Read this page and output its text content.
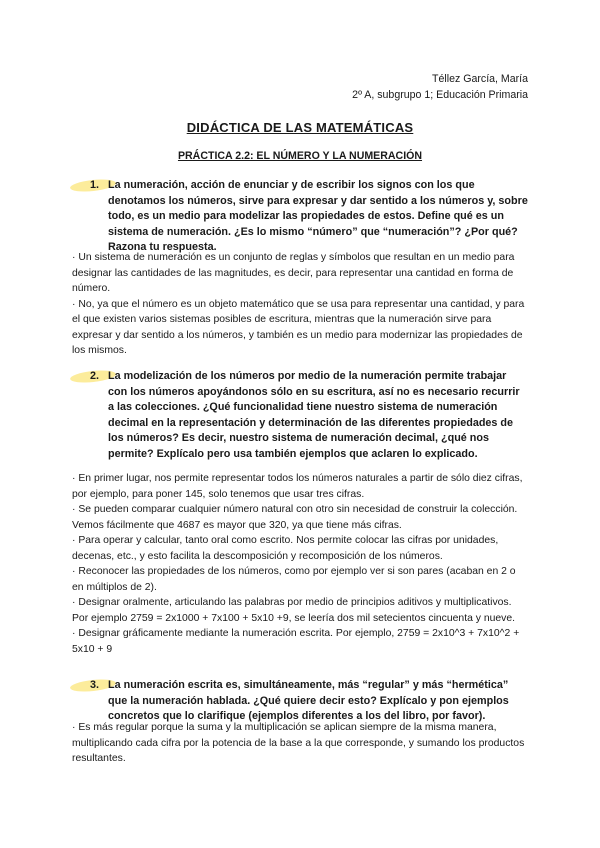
Téllez García, María
2º A, subgrupo 1; Educación Primaria
DIDÁCTICA DE LAS MATEMÁTICAS
PRÁCTICA 2.2: EL NÚMERO Y LA NUMERACIÓN
1. La numeración, acción de enunciar y de escribir los signos con los que denotamos los números, sirve para expresar y dar sentido a los números y, sobre todo, es un medio para modelizar las propiedades de estos. Define qué es un sistema de numeración. ¿Es lo mismo “número” que “numeración”? ¿Por qué? Razona tu respuesta.

· Un sistema de numeración es un conjunto de reglas y símbolos que resultan en un medio para designar las cantidades de las magnitudes, es decir, para representar una cantidad en forma de número.

· No, ya que el número es un objeto matemático que se usa para representar una cantidad, y para el que existen varios sistemas posibles de escritura, mientras que la numeración sirve para expresar y dar sentido a los números, y también es un medio para modernizar las propiedades de los mismos.

2. La modelización de los números por medio de la numeración permite trabajar con los números apoyándonos sólo en su escritura, así no es necesario recurrir a las colecciones. ¿Qué funcionalidad tiene nuestro sistema de numeración decimal en la representación y determinación de las diferentes propiedades de los números? Es decir, nuestro sistema de numeración decimal, ¿qué nos permite? Explícalo pero usa también ejemplos que aclaren lo explicado.

· En primer lugar, nos permite representar todos los números naturales a partir de sólo diez cifras, por ejemplo, para poner 145, solo tenemos que usar tres cifras.

· Se pueden comparar cualquier número natural con otro sin necesidad de construir la colección. Vemos fácilmente que 4687 es mayor que 320, ya que tiene más cifras.

· Para operar y calcular, tanto oral como escrito. Nos permite colocar las cifras por unidades, decenas, etc., y esto facilita la descomposición y recomposición de los números.

· Reconocer las propiedades de los números, como por ejemplo ver si son pares (acaban en 2 o en múltiplos de 2).

· Designar oralmente, articulando las palabras por medio de principios aditivos y multiplicativos. Por ejemplo 2759 = 2x1000 + 7x100 + 5x10 +9, se leería dos mil setecientos cincuenta y nueve.

· Designar gráficamente mediante la numeración escrita. Por ejemplo, 2759 = 2x10^3 + 7x10^2 + 5x10 + 9

3. La numeración escrita es, simultáneamente, más “regular” y más “hermética” que la numeración hablada. ¿Qué quiere decir esto? Explícalo y pon ejemplos concretos que lo clarifique (ejemplos diferentes a los del libro, por favor).

· Es más regular porque la suma y la multiplicación se aplican siempre de la misma manera, multiplicando cada cifra por la potencia de la base a la que corresponde, y sumando los productos resultantes.
